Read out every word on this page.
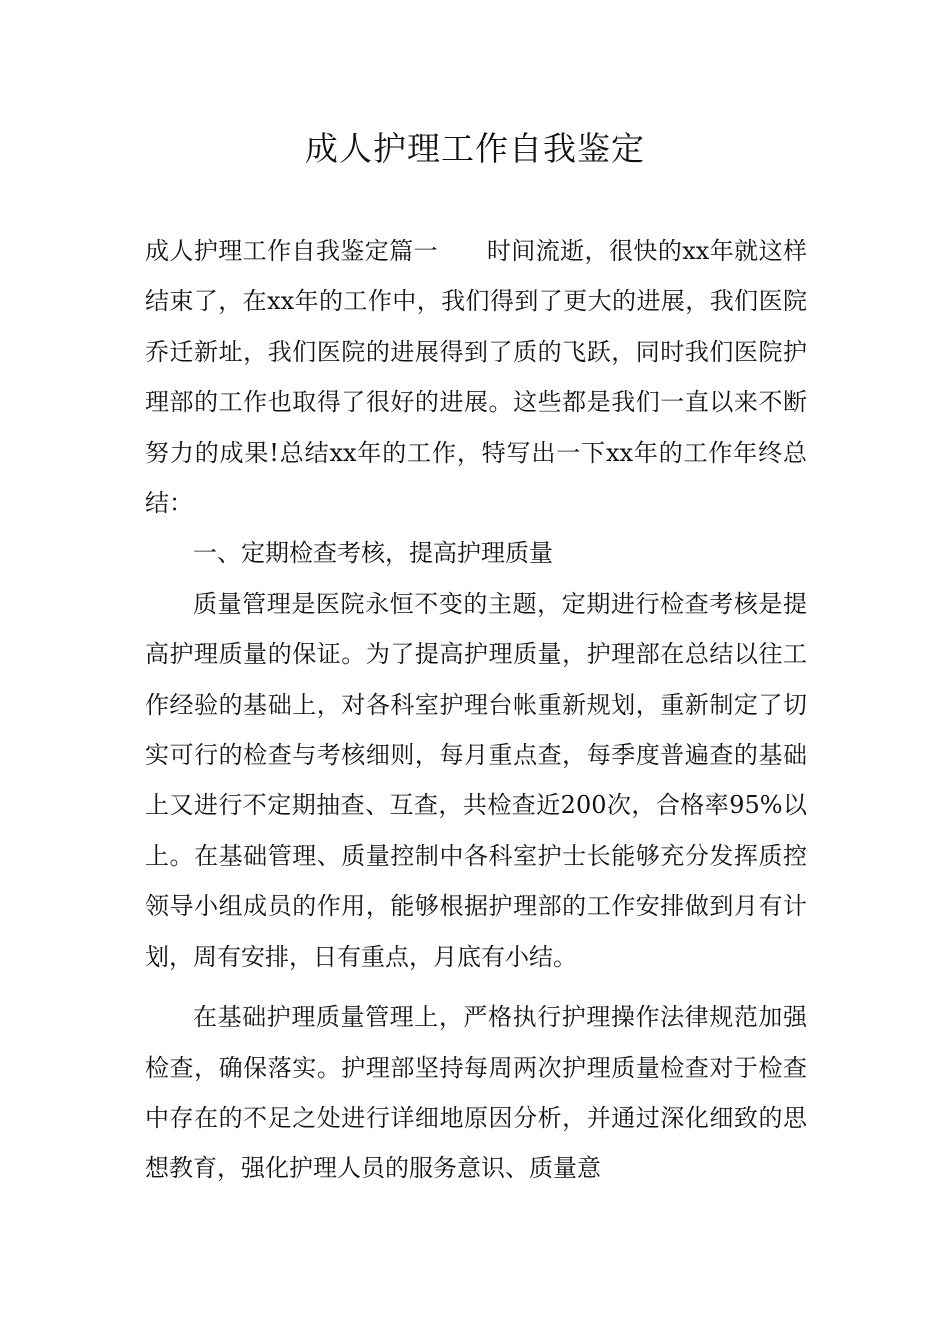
成人护理工作自我鉴定

成人护理工作自我鉴定篇一　　时间流逝，很快的xx年就这样结束了，在xx年的工作中，我们得到了更大的进展，我们医院乔迁新址，我们医院的进展得到了质的飞跃，同时我们医院护理部的工作也取得了很好的进展。这些都是我们一直以来不断努力的成果!总结xx年的工作，特写出一下xx年的工作年终总结：

一、定期检查考核，提高护理质量

质量管理是医院永恒不变的主题，定期进行检查考核是提高护理质量的保证。为了提高护理质量，护理部在总结以往工作经验的基础上，对各科室护理台帐重新规划，重新制定了切实可行的检查与考核细则，每月重点查，每季度普遍查的基础上又进行不定期抽查、互查，共检查近200次，合格率95%以上。在基础管理、质量控制中各科室护士长能够充分发挥质控领导小组成员的作用，能够根据护理部的工作安排做到月有计划，周有安排，日有重点，月底有小结。

在基础护理质量管理上，严格执行护理操作法律规范加强检查，确保落实。护理部坚持每周两次护理质量检查对于检查中存在的不足之处进行详细地原因分析，并通过深化细致的思想教育，强化护理人员的服务意识、质量意
